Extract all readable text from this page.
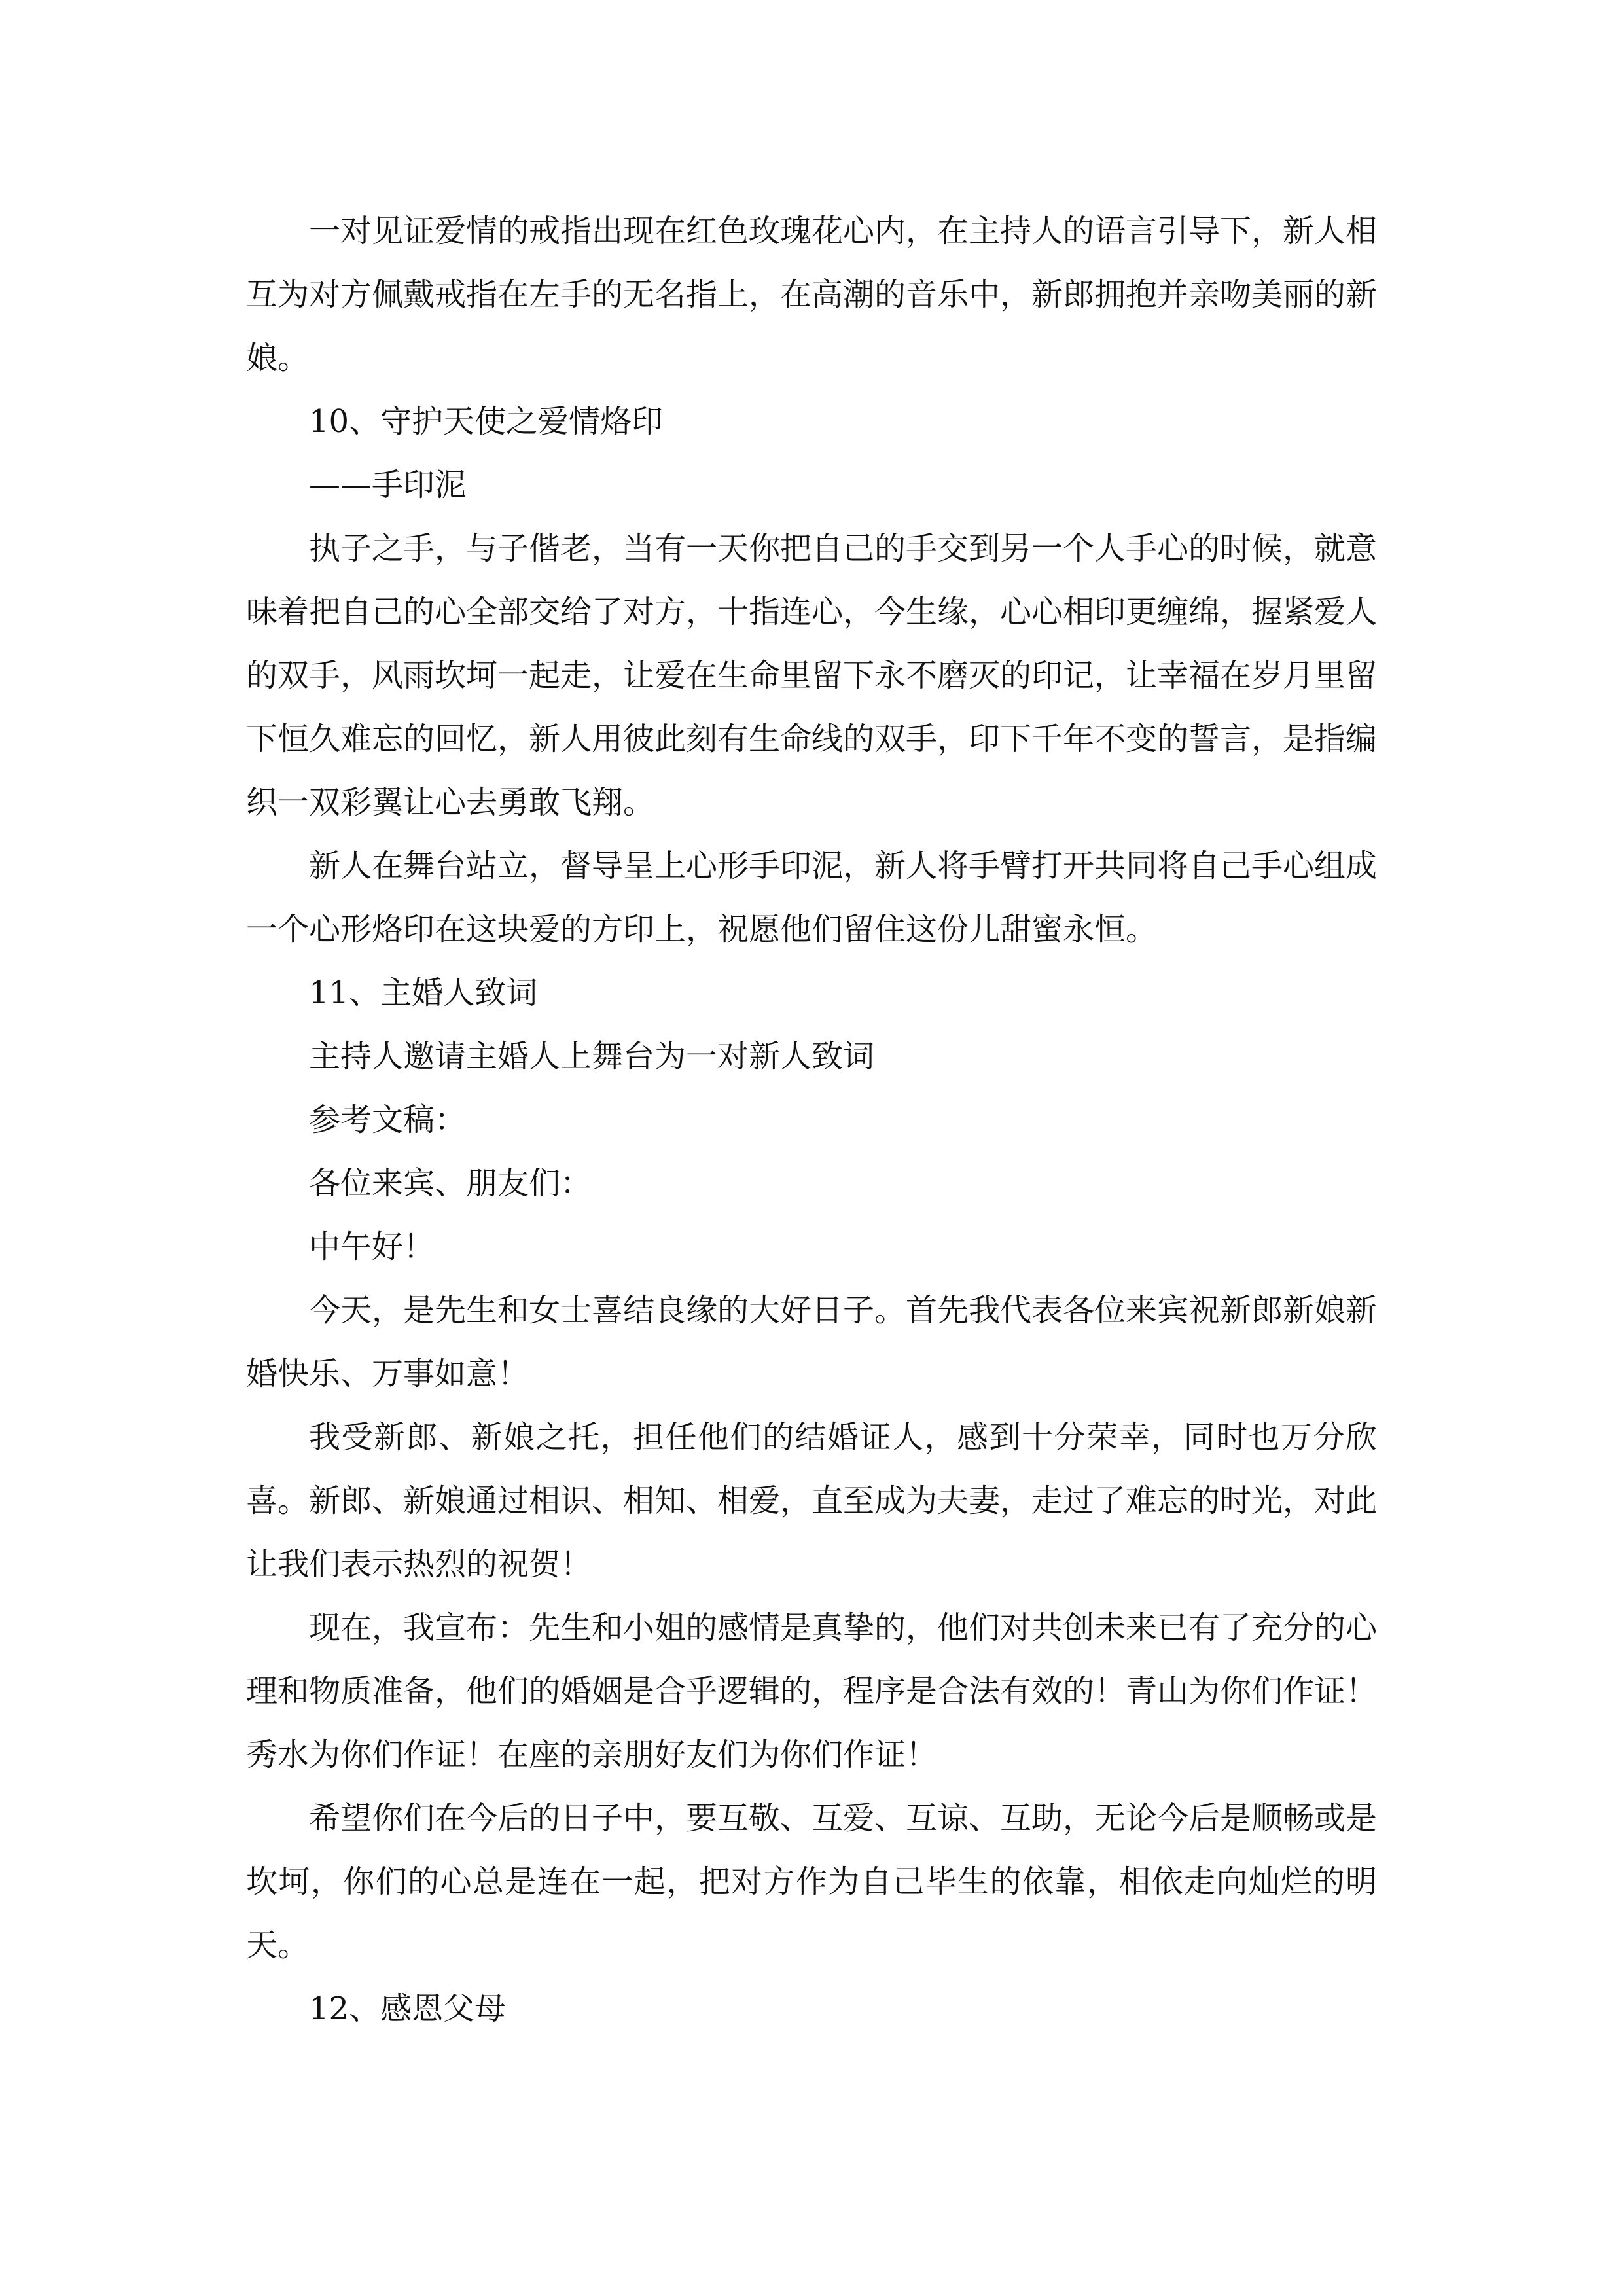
一对见证爱情的戒指出现在红色玫瑰花心内，在主持人的语言引导下，新人相互为对方佩戴戒指在左手的无名指上，在高潮的音乐中，新郎拥抱并亲吻美丽的新娘。

10、守护天使之爱情烙印

——手印泥

执子之手，与子偕老，当有一天你把自己的手交到另一个人手心的时候，就意味着把自己的心全部交给了对方，十指连心，今生缘，心心相印更缠绵，握紧爱人的双手，风雨坎坷一起走，让爱在生命里留下永不磨灭的印记，让幸福在岁月里留下恒久难忘的回忆，新人用彼此刻有生命线的双手，印下千年不变的誓言，是指编织一双彩翼让心去勇敢飞翔。

新人在舞台站立，督导呈上心形手印泥，新人将手臂打开共同将自己手心组成一个心形烙印在这块爱的方印上，祝愿他们留住这份儿甜蜜永恒。

11、主婚人致词

主持人邀请主婚人上舞台为一对新人致词

参考文稿：

各位来宾、朋友们：

中午好！

今天，是先生和女士喜结良缘的大好日子。首先我代表各位来宾祝新郎新娘新婚快乐、万事如意！

我受新郎、新娘之托，担任他们的结婚证人，感到十分荣幸，同时也万分欣喜。新郎、新娘通过相识、相知、相爱，直至成为夫妻，走过了难忘的时光，对此让我们表示热烈的祝贺！

现在，我宣布：先生和小姐的感情是真挚的，他们对共创未来已有了充分的心理和物质准备，他们的婚姻是合乎逻辑的，程序是合法有效的！青山为你们作证！秀水为你们作证！在座的亲朋好友们为你们作证！

希望你们在今后的日子中，要互敬、互爱、互谅、互助，无论今后是顺畅或是坎坷，你们的心总是连在一起，把对方作为自己毕生的依靠，相依走向灿烂的明天。

12、感恩父母
